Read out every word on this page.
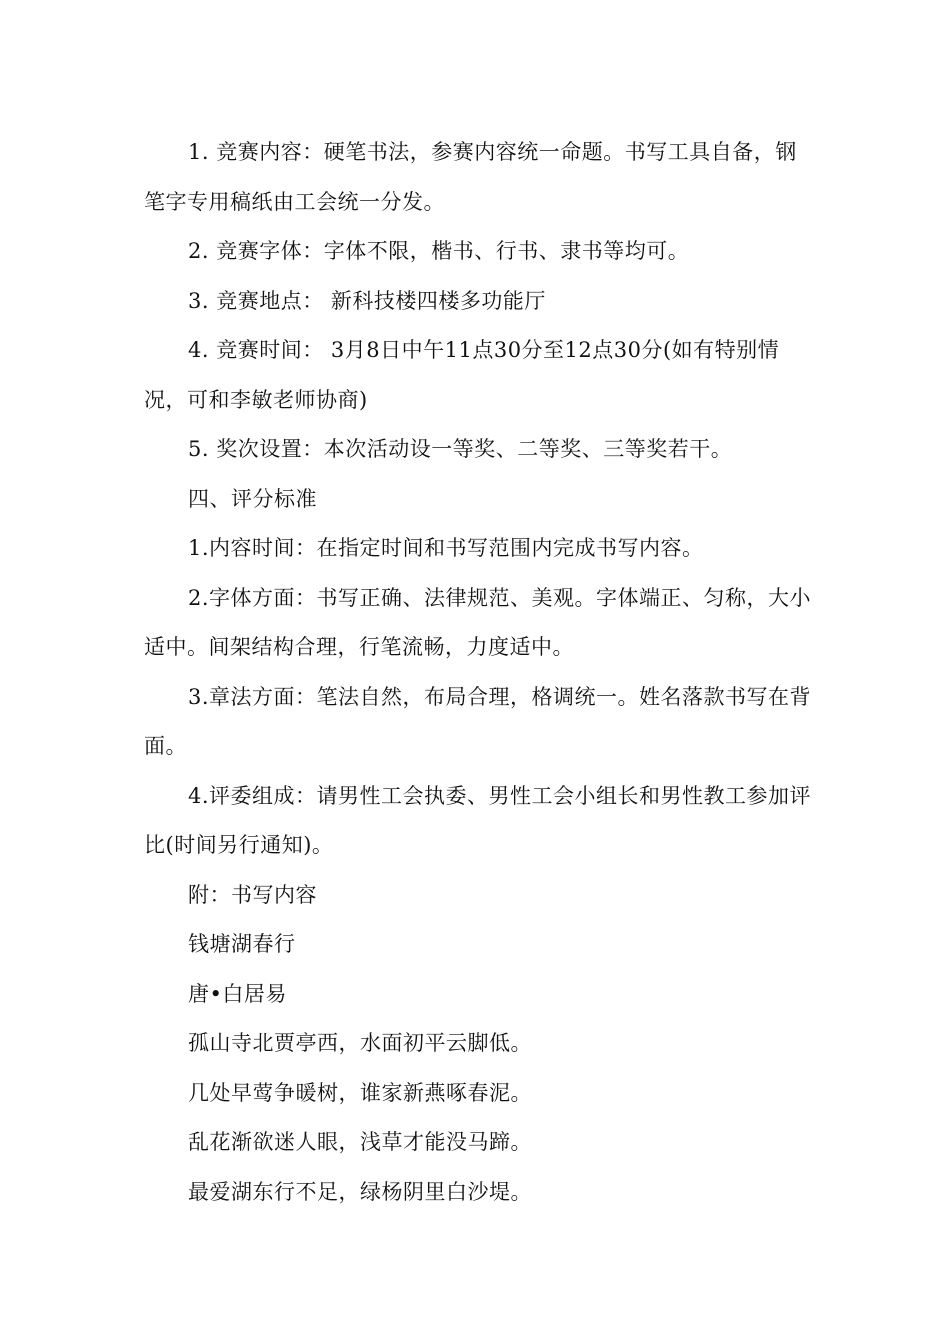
1. 竞赛内容：硬笔书法，参赛内容统一命题。书写工具自备，钢笔字专用稿纸由工会统一分发。

2. 竞赛字体：字体不限，楷书、行书、隶书等均可。

3. 竞赛地点： 新科技楼四楼多功能厅

4. 竞赛时间： 3月8日中午11点30分至12点30分(如有特别情况，可和李敏老师协商)

5. 奖次设置：本次活动设一等奖、二等奖、三等奖若干。

四、评分标准

1.内容时间：在指定时间和书写范围内完成书写内容。

2.字体方面：书写正确、法律规范、美观。字体端正、匀称，大小适中。间架结构合理，行笔流畅，力度适中。

3.章法方面：笔法自然，布局合理，格调统一。姓名落款书写在背面。

4.评委组成：请男性工会执委、男性工会小组长和男性教工参加评比(时间另行通知)。

附：书写内容

钱塘湖春行

唐•白居易

孤山寺北贾亭西，水面初平云脚低。

几处早莺争暖树，谁家新燕啄春泥。

乱花渐欲迷人眼，浅草才能没马蹄。

最爱湖东行不足，绿杨阴里白沙堤。
